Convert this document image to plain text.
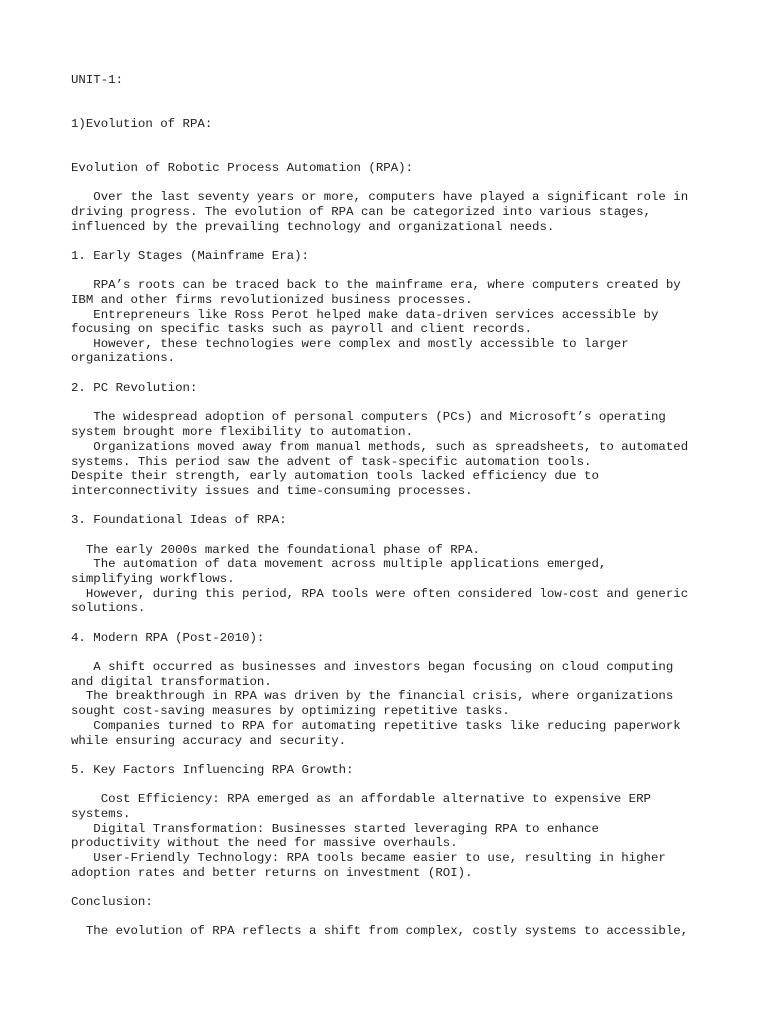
UNIT-1:

1)Evolution of RPA:

Evolution of Robotic Process Automation (RPA):

Over the last seventy years or more, computers have played a significant role in

driving progress. The evolution of RPA can be categorized into various stages,

influenced by the prevailing technology and organizational needs.

1. Early Stages (Mainframe Era):

RPA’s roots can be traced back to the mainframe era, where computers created by

IBM and other firms revolutionized business processes.

Entrepreneurs like Ross Perot helped make data-driven services accessible by

focusing on specific tasks such as payroll and client records.

However, these technologies were complex and mostly accessible to larger

organizations.

2. PC Revolution:

The widespread adoption of personal computers (PCs) and Microsoft’s operating

system brought more flexibility to automation.

Organizations moved away from manual methods, such as spreadsheets, to automated

systems. This period saw the advent of task-specific automation tools.

Despite their strength, early automation tools lacked efficiency due to

interconnectivity issues and time-consuming processes.

3. Foundational Ideas of RPA:

The early 2000s marked the foundational phase of RPA.

The automation of data movement across multiple applications emerged,

simplifying workflows.

However, during this period, RPA tools were often considered low-cost and generic

solutions.

4. Modern RPA (Post-2010):

A shift occurred as businesses and investors began focusing on cloud computing

and digital transformation.

The breakthrough in RPA was driven by the financial crisis, where organizations

sought cost-saving measures by optimizing repetitive tasks.

Companies turned to RPA for automating repetitive tasks like reducing paperwork

while ensuring accuracy and security.

5. Key Factors Influencing RPA Growth:

Cost Efficiency: RPA emerged as an affordable alternative to expensive ERP

systems.

Digital Transformation: Businesses started leveraging RPA to enhance

productivity without the need for massive overhauls.

User-Friendly Technology: RPA tools became easier to use, resulting in higher

adoption rates and better returns on investment (ROI).

Conclusion:

The evolution of RPA reflects a shift from complex, costly systems to accessible,
